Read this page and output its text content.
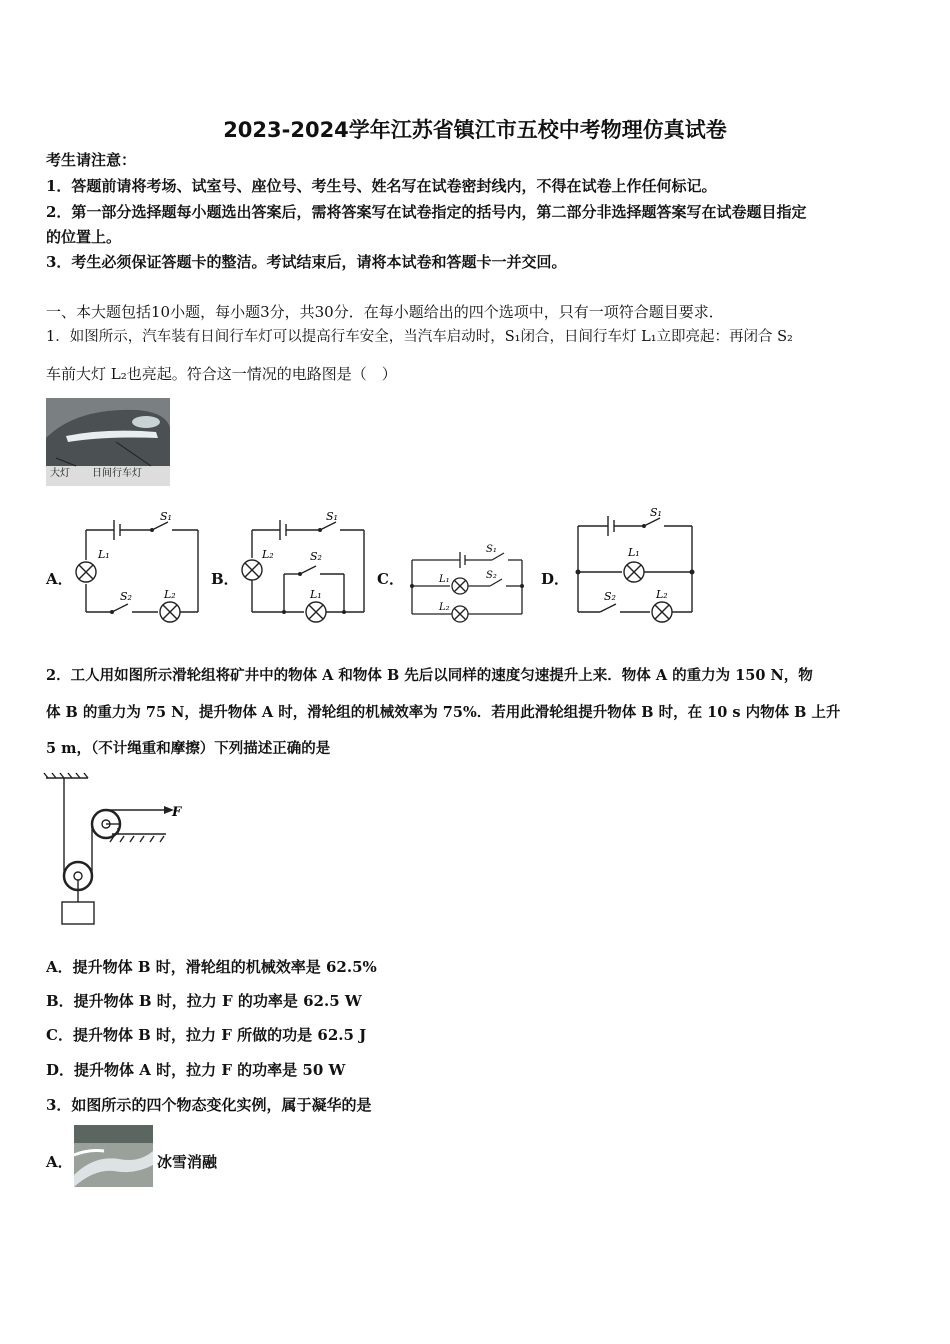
2023-2024学年江苏省镇江市五校中考物理仿真试卷
考生请注意：
1．答题前请将考场、试室号、座位号、考生号、姓名写在试卷密封线内，不得在试卷上作任何标记。
2．第一部分选择题每小题选出答案后，需将答案写在试卷指定的括号内，第二部分非选择题答案写在试卷题目指定
的位置上。
3．考生必须保证答题卡的整洁。考试结束后，请将本试卷和答题卡一并交回。
一、本大题包括10小题，每小题3分，共30分．在每小题给出的四个选项中，只有一项符合题目要求．
1．如图所示，汽车装有日间行车灯可以提高行车安全，当汽车启动时，S₁闭合，日间行车灯 L₁立即亮起：再闭合 S₂
车前大灯 L₂也亮起。符合这一情况的电路图是（　）
大灯 日间行车灯
A．	B．	C．	D．
S₁
L₁
S₂	L₂
S₁
L₂	S₂
L₁
S₁
S₂
L₁
L₂
S₁
L₁
S₂	L₂
2．工人用如图所示滑轮组将矿井中的物体 A 和物体 B 先后以同样的速度匀速提升上来．物体 A 的重力为 150 N，物
体 B 的重力为 75 N，提升物体 A 时，滑轮组的机械效率为 75%．若用此滑轮组提升物体 B 时，在 10 s 内物体 B 上升
5 m，（不计绳重和摩擦）下列描述正确的是
F
A．提升物体 B 时，滑轮组的机械效率是 62.5%
B．提升物体 B 时，拉力 F 的功率是 62.5 W
C．提升物体 B 时，拉力 F 所做的功是 62.5 J
D．提升物体 A 时，拉力 F 的功率是 50 W
3．如图所示的四个物态变化实例，属于凝华的是
A．	冰雪消融
